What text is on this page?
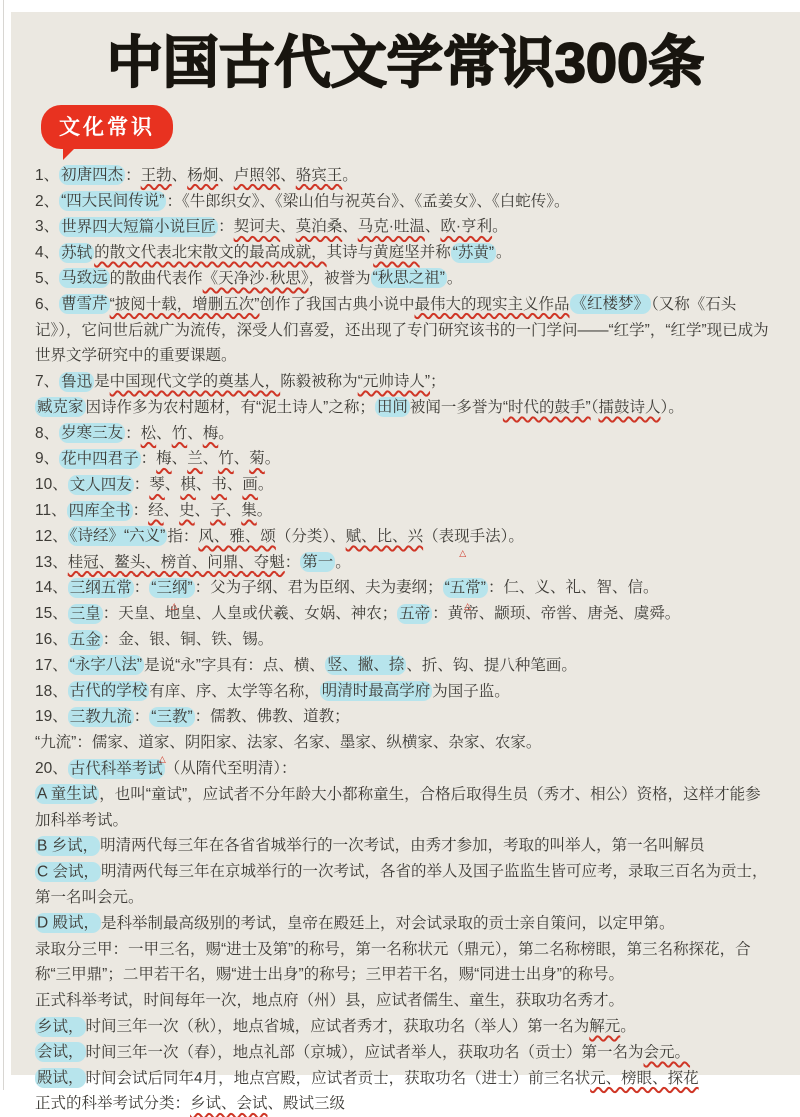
中国古代文学常识300条
文化常识

1、 初唐四杰 ：王勃、杨炯、卢照邻、骆宾王。

2、 “四大民间传说” ：《牛郎织女》、《梁山伯与祝英台》、《孟姜女》、《白蛇传》。

3、 世界四大短篇小说巨匠 ：契诃夫、莫泊桑、马克·吐温、欧·亨利。

4、 苏轼 的散文代表北宋散文的最高成就，其诗与黄庭坚并称 “苏黄” 。

5、 马致远 的散曲代表作《天净沙·秋思》，被誉为 “秋思之祖” 。

6、 曹雪芹 “披阅十载，增删五次”创作了我国古典小说中最伟大的现实主义作品 《红楼梦》 （又称《石头记》），它问世后就广为流传，深受人们喜爱，还出现了专门研究该书的一门学问——“红学”，“红学”现已成为世界文学研究中的重要课题。

7、 鲁迅 是中国现代文学的奠基人，陈毅被称为“元帅诗人”；

臧克家 因诗作多为农村题材，有“泥土诗人”之称； 田间 被闻一多誉为“时代的鼓手”（擂鼓诗人）。

8、 岁寒三友 ：松、竹、梅。

9、 花中四君子 ：梅、兰、竹、菊。

10、 文人四友 ：琴、棋、书、画。

11、 四库全书 ：经、史、子、集。

12、 《诗经》“六义” 指：风、雅、颂（分类）、赋、比、兴（表现 △手法）。

13、桂冠、鳌头、榜首、问鼎、夺魁： 第一 。

14、 三纲五常 ： “三纲” △ ：父为子纲、君为臣纲、夫为妻纲； “五常” △ ：仁、义、礼、智、信。

15、 三皇 ：天皇、地皇、人皇或伏羲、女娲、神农； 五帝 ：黄帝、颛顼、帝喾、唐尧、虞舜。

16、 五金 ：金、银、铜、铁、锡。

17、 “永字八法” 是说“永”字具有：点、横、 竖、撇、捺 、折、钩、提八种笔画。

18、 古代的学校 有庠、序、太学等名称， 明清时最高学府 为国子监。

19、 三教九流 ： “三教” ：儒教、佛教、道教；

“九流”：儒家、道家 △、阴阳家、法家、名家、墨家、纵横家、杂家、农家。

20、 古代科举考试 （从隋代至明清）：

A 童生试 ，也叫“童试”，应试者不分年龄大小都称童生，合格后取得生员（秀才、相公）资格，这样才能参加科举考试。

B 乡试， 明清两代每三年在各省省城举行的一次考试，由秀才参加，考取的叫举人，第一名叫解员

C 会试， 明清两代每三年在京城举行的一次考试，各省的举人及国子监监生皆可应考，录取三百名为贡士，第一名叫会元。

D 殿试， 是科举制最高级别的考试，皇帝在殿廷上，对会试录取的贡士亲自策问，以定甲第。

录取分三甲：一甲三名，赐“进士及第”的称号，第一名称状元（鼎元），第二名称榜眼，第三名称探花，合称“三甲鼎”；二甲若干名，赐“进士出身”的称号；三甲若干名，赐“同进士出身”的称号。

正式科举考试，时间每年一次，地点府（州）县，应试者儒生、童生，获取功名秀才。

乡试， 时间三年一次（秋），地点省城，应试者秀才，获取功名（举人）第一名为解元。

会试， 时间三年一次（春），地点礼部（京城），应试者举人，获取功名（贡士）第一名为会元。

殿试， 时间会试后同年4月，地点宫殿，应试者贡士，获取功名（进士）前三名状元、榜眼、探花

正式的科举考试分类：乡试、会试、殿试三级
